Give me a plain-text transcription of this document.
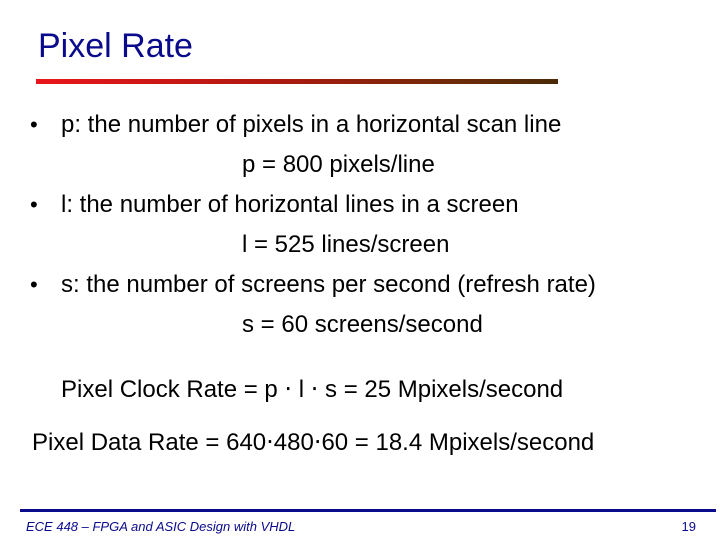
Pixel Rate
• p: the number of pixels in a horizontal scan line
p = 800 pixels/line
• l: the number of horizontal lines in a screen
l = 525 lines/screen
• s: the number of screens per second (refresh rate)
s = 60 screens/second
Pixel Clock Rate = p ⋅ l ⋅ s = 25 Mpixels/second
Pixel Data Rate = 640⋅480⋅60 = 18.4 Mpixels/second
ECE 448 – FPGA and ASIC Design with VHDL	19
